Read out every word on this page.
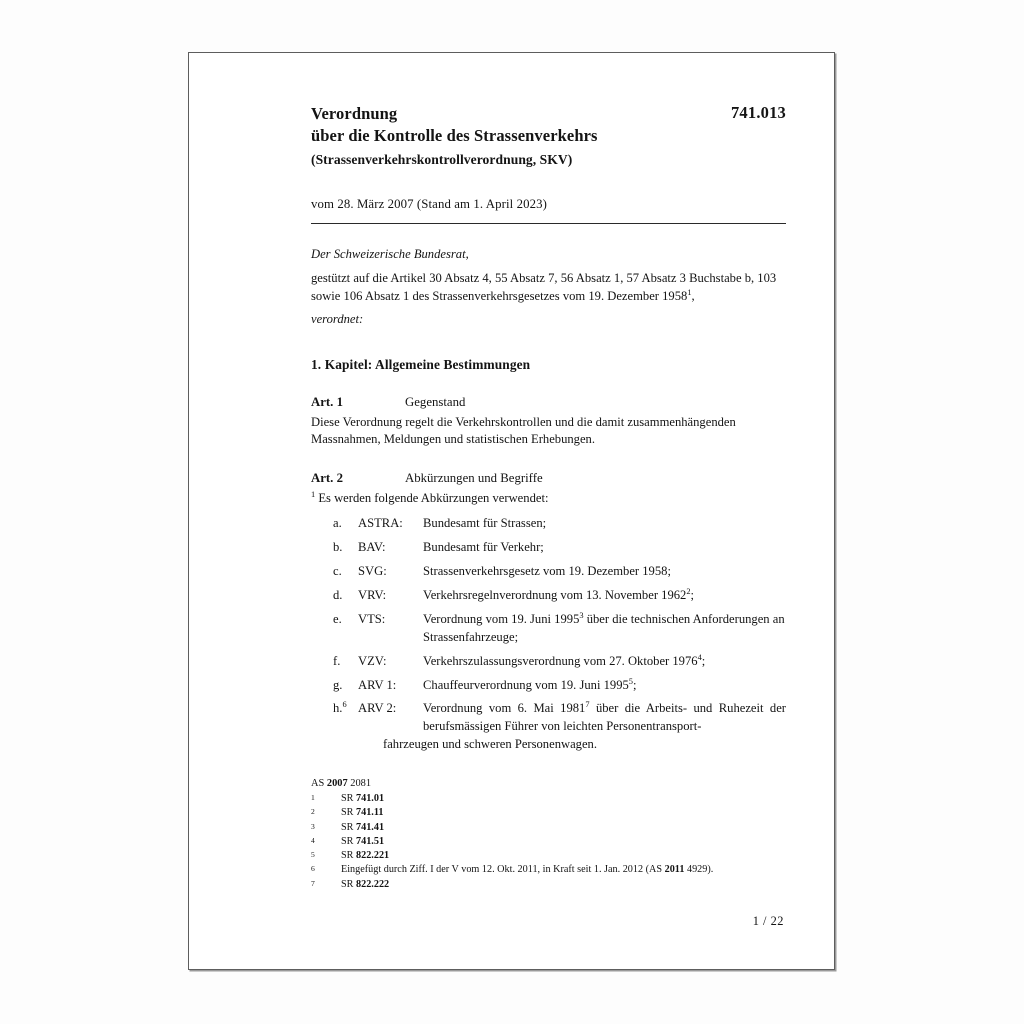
741.013
Verordnung
über die Kontrolle des Strassenverkehrs
(Strassenverkehrskontrollverordnung, SKV)
vom 28. März 2007 (Stand am 1. April 2023)

Der Schweizerische Bundesrat,

gestützt auf die Artikel 30 Absatz 4, 55 Absatz 7, 56 Absatz 1, 57 Absatz 3 Buchstabe b, 103 sowie 106 Absatz 1 des Strassenverkehrsgesetzes vom 19. Dezember 1958$^1$,

verordnet:

1. Kapitel: Allgemeine Bestimmungen
Art. 1	Gegenstand

Diese Verordnung regelt die Verkehrskontrollen und die damit zusammenhängenden Massnahmen, Meldungen und statistischen Erhebungen.

Art. 2	Abkürzungen und Begriffe

$^1$ Es werden folgende Abkürzungen verwendet:

a.	ASTRA:	Bundesamt für Strassen;
b.	BAV:	Bundesamt für Verkehr;
c.	SVG:	Strassenverkehrsgesetz vom 19. Dezember 1958;
d.	VRV:	Verkehrsregelnverordnung vom 13. November 1962$^2$;
e.	VTS:	Verordnung vom 19. Juni 1995$^3$ über die technischen Anforderungen an Strassenfahrzeuge;
f.	VZV:	Verkehrszulassungsverordnung vom 27. Oktober 1976$^4$;
g.	ARV 1:	Chauffeurverordnung vom 19. Juni 1995$^5$;
h.$^6$ ARV 2:	Verordnung vom 6. Mai 1981$^7$ über die Arbeits- und Ruhezeit der berufsmässigen Führer von leichten Personentransport-
fahrzeugen und schweren Personenwagen.

AS 2007 2081

1	SR 741.01
2	SR 741.11
3	SR 741.41
4	SR 741.51
5	SR 822.221
6	Eingefügt durch Ziff. I der V vom 12. Okt. 2011, in Kraft seit 1. Jan. 2012 (AS 2011 4929).
7	SR 822.222
1 / 22
